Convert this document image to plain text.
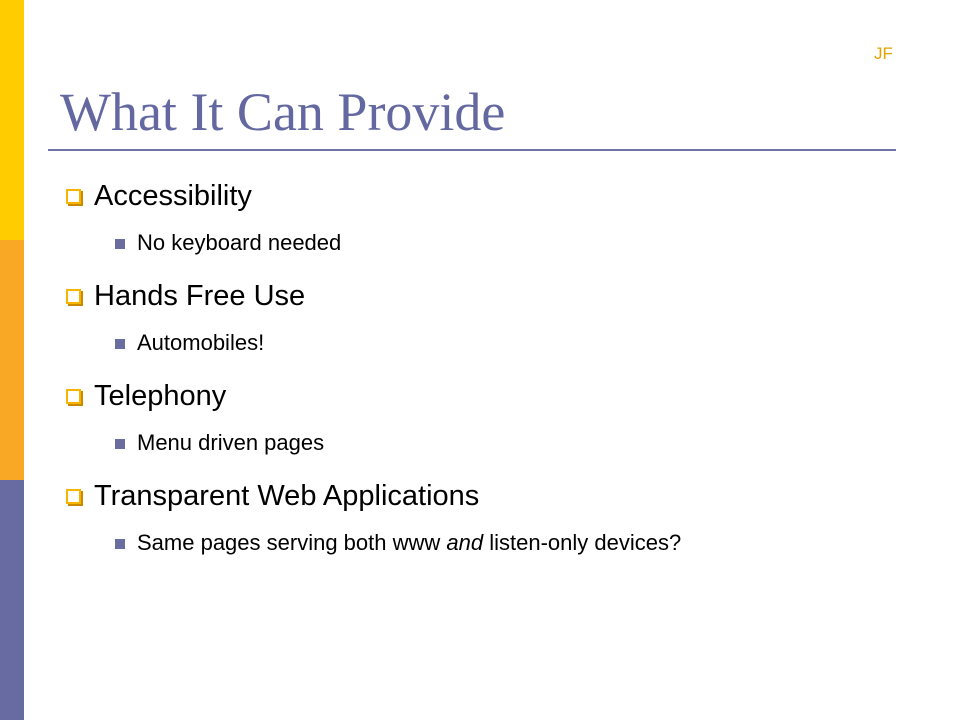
JF
What It Can Provide
Accessibility
No keyboard needed
Hands Free Use
Automobiles!
Telephony
Menu driven pages
Transparent Web Applications
Same pages serving both www and listen-only devices?
